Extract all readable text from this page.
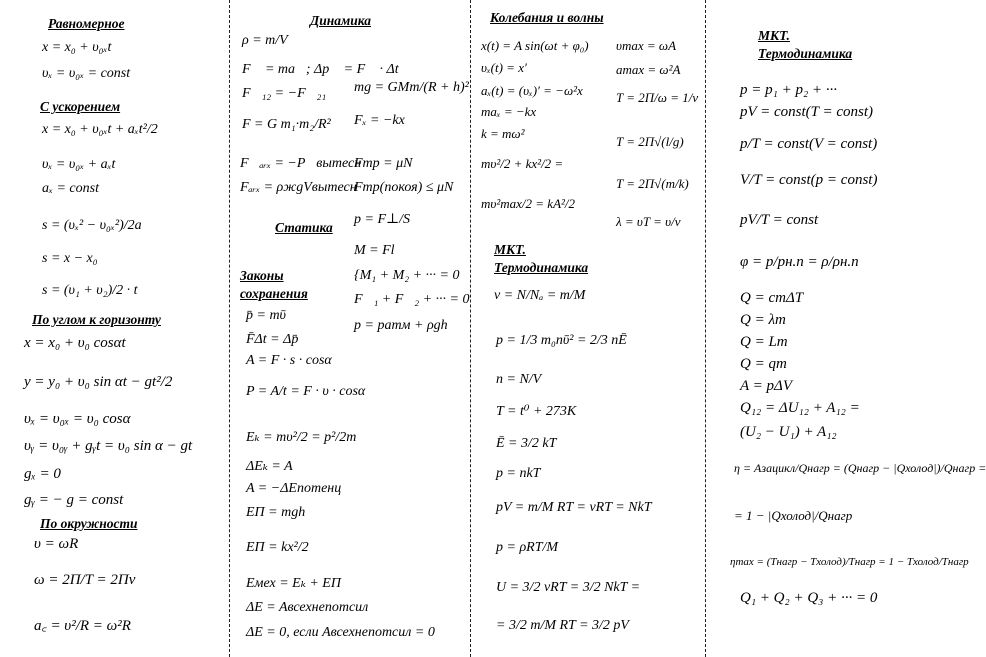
Равномерное
x = x₀ + υ₀ₓt
υₓ = υ₀ₓ = const
С ускорением
x = x₀ + υ₀ₓt + aₓt²/2
υₓ = υ₀ₓ + aₓt
aₓ = const
s = (υₓ² − υ₀ₓ²)/2a
s = x − x₀
s = (υ₁ + υ₂)/2 · t
По углом к горизонту
x = x₀ + υ₀ cosαt
y = y₀ + υ₀ sin αt − gt²/2
υₓ = υ₀ₓ = υ₀ cosα
υᵧ = υ₀ᵧ + gᵧt = υ₀ sin α − gt
gₓ = 0
gᵧ = − g = const
По окружности
υ = ωR
ω = 2Π/T = 2Πν
a꜀ = υ²/R = ω²R
Динамика
ρ = m/V
F⃗ = ma⃗; Δp⃗ = F⃗ · Δt
F⃗₁₂ = −F⃗₂₁ mg = GMm/(R + h)²
F = G m₁·m₂/R² Fₓ = −kx
F⃗ₐᵣₓ = −P⃗вытесн
Fтр = μN
Fₐᵣₓ = ρжgVвытесн
Fтр(покоя) ≤ μN
Статика
p = F⊥/S
M = Fl
{M₁ + M₂ + ··· = 0
F⃗₁ + F⃗₂ + ··· = 0
p = pатм + ρgh
Законы
сохранения
p̄ = mῡ
F̄Δt = Δp̄
A = F · s · cosα
P = A/t = F · υ · cosα
Eₖ = mυ²/2 = p²/2m
ΔEₖ = A
A = −ΔEпотенц
EП = mgh
EП = kx²/2
Eмех = Eₖ + EП
ΔE = Aвсехнепотсил
ΔE = 0, если Aвсехнепотсил = 0
Колебания и волны
x(t) = A sin(ωt + φ₀) υmax = ωA
υₓ(t) = x′	amax = ω²A
aₓ(t) = (υₓ)′ = −ω²x	T = 2Π/ω = 1/ν
maₓ = −kx
k = mω²
T = 2Π√(l/g)
mυ²/2 + kx²/2 =
T = 2Π√(m/k)
mυ²max/2 = kA²/2
λ = υT = υ/ν
МКТ.
Термодинамика
ν = N/Nₐ = m/M
p = 1/3 m₀nῡ² = 2/3 nĒ
n = N/V
T = t⁰ + 273K
Ē = 3/2 kT
p = nkT
pV = m/M RT = νRT = NkT
p = ρRT/M
U = 3/2 νRT = 3/2 NkT =
= 3/2 m/M RT = 3/2 pV
МКТ.
Термодинамика
p = p₁ + p₂ + ···
pV = const(T = const)
p/T = const(V = const)
V/T = const(p = const)
pV/T = const
φ = p/pн.п = ρ/ρн.п
Q = cmΔT
Q = λm
Q = Lm
Q = qm
A = pΔV
Q₁₂ = ΔU₁₂ + A₁₂ =
(U₂ − U₁) + A₁₂
η = Aзацикл/Qнагр = (Qнагр − |Qхолод|)/Qнагр =
= 1 − |Qхолод|/Qнагр
ηmax = (Tнагр − Tхолод)/Tнагр = 1 − Tхолод/Tнагр
Q₁ + Q₂ + Q₃ + ··· = 0
